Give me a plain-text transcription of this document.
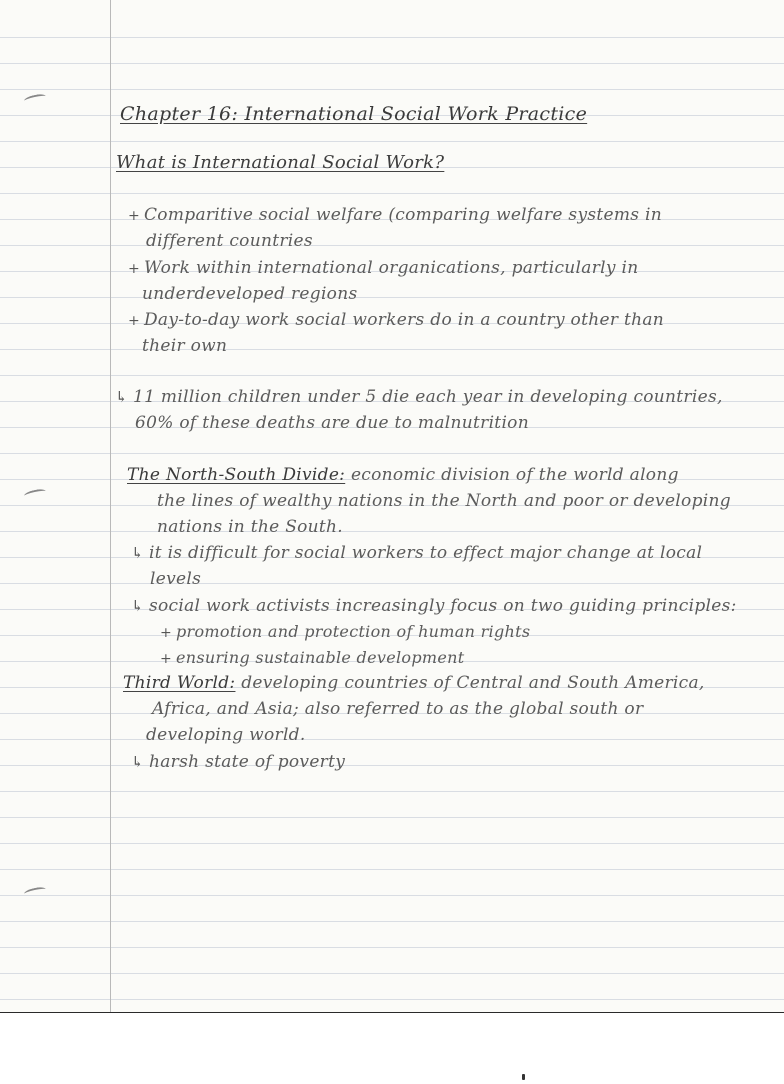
Chapter 16: International Social Work Practice
What is International Social Work?
+ Comparitive social welfare (comparing welfare systems in
different countries
+ Work within international organications, particularly in
underdeveloped regions
+ Day-to-day work social workers do in a country other than
their own
↳ 11 million children under 5 die each year in developing countries,
60% of these deaths are due to malnutrition
The North-South Divide: economic division of the world along
the lines of wealthy nations in the North and poor or developing
nations in the South.
↳ it is difficult for social workers to effect major change at local
levels
↳ social work activists increasingly focus on two guiding principles:
+ promotion and protection of human rights
+ ensuring sustainable development
Third World: developing countries of Central and South America,
Africa, and Asia; also referred to as the global south or
developing world.
↳ harsh state of poverty
